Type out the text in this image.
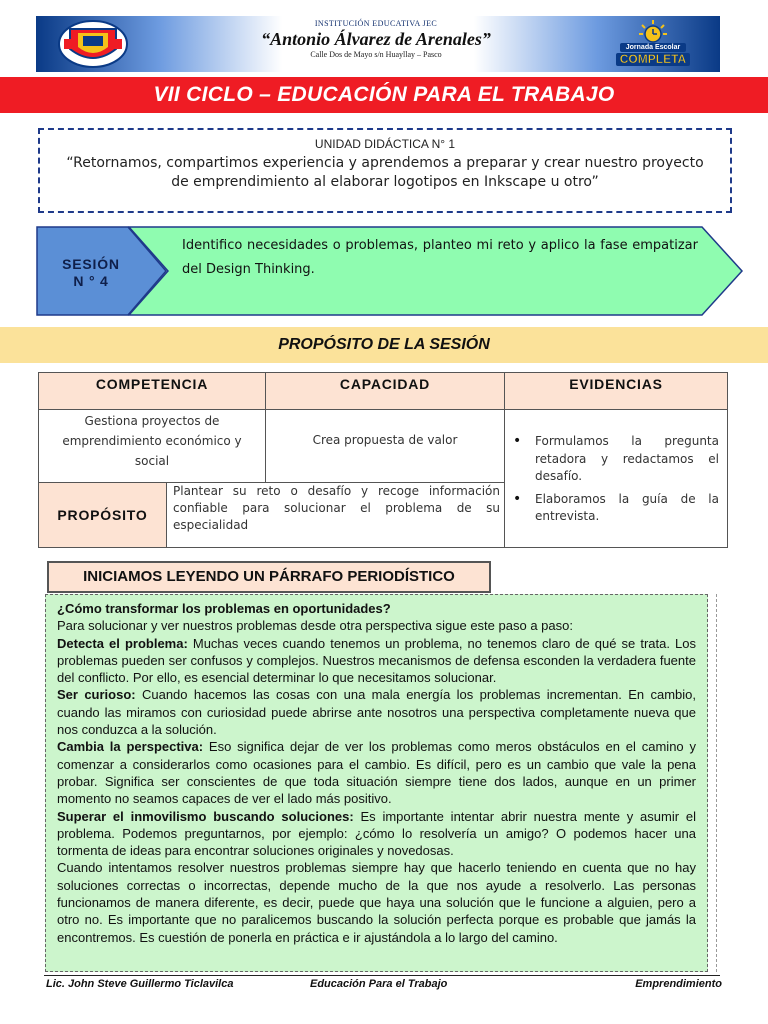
INSTITUCIÓN EDUCATIVA JEC
“Antonio Álvarez de Arenales”
Calle Dos de Mayo s/n Huayllay – Pasco
Jornada Escolar
COMPLETA
VII CICLO – EDUCACIÓN PARA EL TRABAJO
UNIDAD DIDÁCTICA N° 1
“Retornamos, compartimos experiencia y aprendemos a preparar y crear nuestro proyecto de emprendimiento al elaborar logotipos en Inkscape u otro”
SESIÓN
N ° 4
Identifico necesidades o problemas, planteo mi reto y aplico la fase empatizar del Design Thinking.
PROPÓSITO DE LA SESIÓN
COMPETENCIA	CAPACIDAD	EVIDENCIAS
Gestiona proyectos de emprendimiento económico y social
Crea propuesta de valor
•	Formulamos la pregunta retadora y redactamos el desafío.
• Elaboramos la guía de la entrevista.
PROPÓSITO
Plantear su reto o desafío y recoge información confiable para solucionar el problema de su especialidad
INICIAMOS LEYENDO UN PÁRRAFO PERIODÍSTICO

¿Cómo transformar los problemas en oportunidades?

Para solucionar y ver nuestros problemas desde otra perspectiva sigue este paso a paso:

Detecta el problema: Muchas veces cuando tenemos un problema, no tenemos claro de qué se trata. Los problemas pueden ser confusos y complejos. Nuestros mecanismos de defensa esconden la verdadera fuente del conflicto. Por ello, es esencial determinar lo que necesitamos solucionar.

Ser curioso: Cuando hacemos las cosas con una mala energía los problemas incrementan. En cambio, cuando las miramos con curiosidad puede abrirse ante nosotros una perspectiva completamente nueva que nos conduzca a la solución.

Cambia la perspectiva: Eso significa dejar de ver los problemas como meros obstáculos en el camino y comenzar a considerarlos como ocasiones para el cambio. Es difícil, pero es un cambio que vale la pena probar. Significa ser conscientes de que toda situación siempre tiene dos lados, aunque en un primer momento no seamos capaces de ver el lado más positivo.

Superar el inmovilismo buscando soluciones: Es importante intentar abrir nuestra mente y asumir el problema. Podemos preguntarnos, por ejemplo: ¿cómo lo resolvería un amigo? O podemos hacer una tormenta de ideas para encontrar soluciones originales y novedosas.

Cuando intentamos resolver nuestros problemas siempre hay que hacerlo teniendo en cuenta que no hay soluciones correctas o incorrectas, depende mucho de la que nos ayude a resolverlo. Las personas funcionamos de manera diferente, es decir, puede que haya una solución que le funcione a alguien, pero a otro no. Es importante que no paralicemos buscando la solución perfecta porque es probable que jamás la encontremos. Es cuestión de ponerla en práctica e ir ajustándola a lo largo del camino.

Lic. John Steve Guillermo Ticlavilca	Educación Para el Trabajo	Emprendimiento
